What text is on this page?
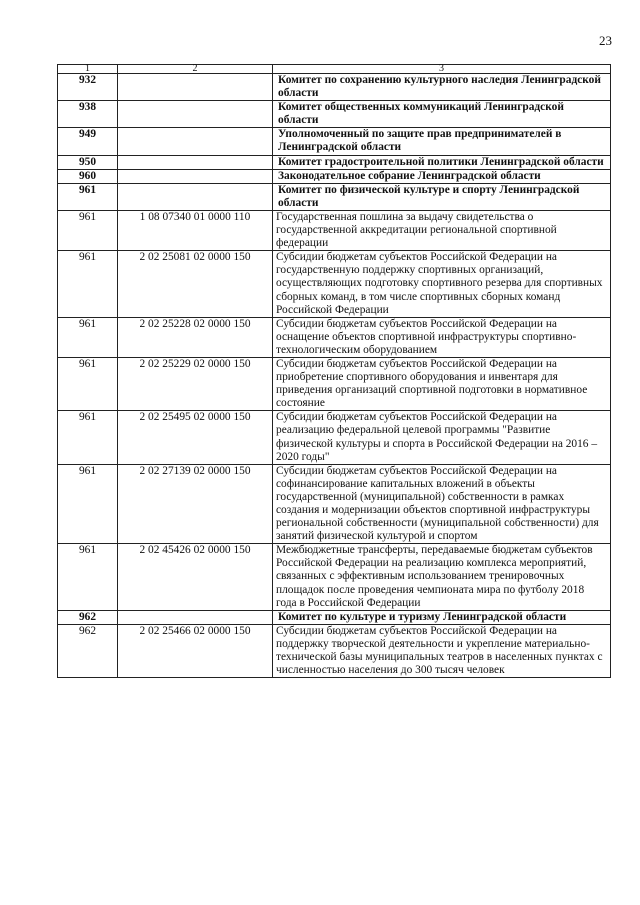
23
1	2	3
932		Комитет по сохранению культурного наследия Ленинградской области
938		Комитет общественных коммуникаций Ленинградской области
949		Уполномоченный по защите прав предпринимателей в Ленинградской области
950		Комитет градостроительной политики Ленинградской области
960		Законодательное собрание Ленинградской области
961		Комитет по физической культуре и спорту Ленинградской области
961	1 08 07340 01 0000 110	Государственная пошлина за выдачу свидетельства о государственной аккредитации региональной спортивной федерации
961	2 02 25081 02 0000 150	Субсидии бюджетам субъектов Российской Федерации на государственную поддержку спортивных организаций, осуществляющих подготовку спортивного резерва для спортивных сборных команд, в том числе спортивных сборных команд Российской Федерации
961	2 02 25228 02 0000 150	Субсидии бюджетам субъектов Российской Федерации на оснащение объектов спортивной инфраструктуры спортивно-технологическим оборудованием
961	2 02 25229 02 0000 150	Субсидии бюджетам субъектов Российской Федерации на приобретение спортивного оборудования и инвентаря для приведения организаций спортивной подготовки в нормативное состояние
961	2 02 25495 02 0000 150	Субсидии бюджетам субъектов Российской Федерации на реализацию федеральной целевой программы "Развитие физической культуры и спорта в Российской Федерации на 2016 – 2020 годы"
961	2 02 27139 02 0000 150	Субсидии бюджетам субъектов Российской Федерации на софинансирование капитальных вложений в объекты государственной (муниципальной) собственности в рамках создания и модернизации объектов спортивной инфраструктуры региональной собственности (муниципальной собственности) для занятий физической культурой и спортом
961	2 02 45426 02 0000 150	Межбюджетные трансферты, передаваемые бюджетам субъектов Российской Федерации на реализацию комплекса мероприятий, связанных с эффективным использованием тренировочных площадок после проведения чемпионата мира по футболу 2018 года в Российской Федерации
962		Комитет по культуре и туризму Ленинградской области
962	2 02 25466 02 0000 150	Субсидии бюджетам субъектов Российской Федерации на поддержку творческой деятельности и укрепление материально-технической базы муниципальных театров в населенных пунктах с численностью населения до 300 тысяч человек
